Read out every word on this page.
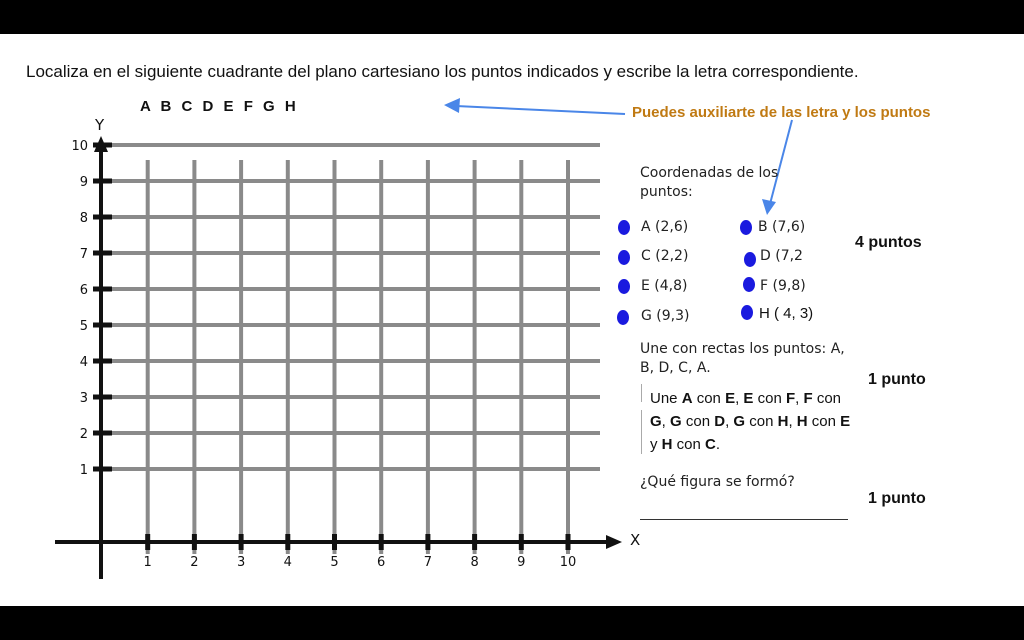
Localiza en el siguiente cuadrante del plano cartesiano los puntos indicados y escribe la letra correspondiente.
A B C D E F G H	Puedes auxiliarte de las letra y los puntos
Y
X
1	2	3	4	5	6	7	8	9	10
1
2
3
4
5
6
7
8
9
10
Coordenadas de los puntos:
A (2,6)	B (7,6)
C (2,2)	D (7,2
E (4,8)	F (9,8)
G (9,3)	H ( 4, 3)
4 puntos
Une con rectas los puntos: A, B, D, C, A.
1 punto
Une A con E, E con F, F con G, G con D, G con H, H con E y H con C.
¿Qué figura se formó?
1 punto
